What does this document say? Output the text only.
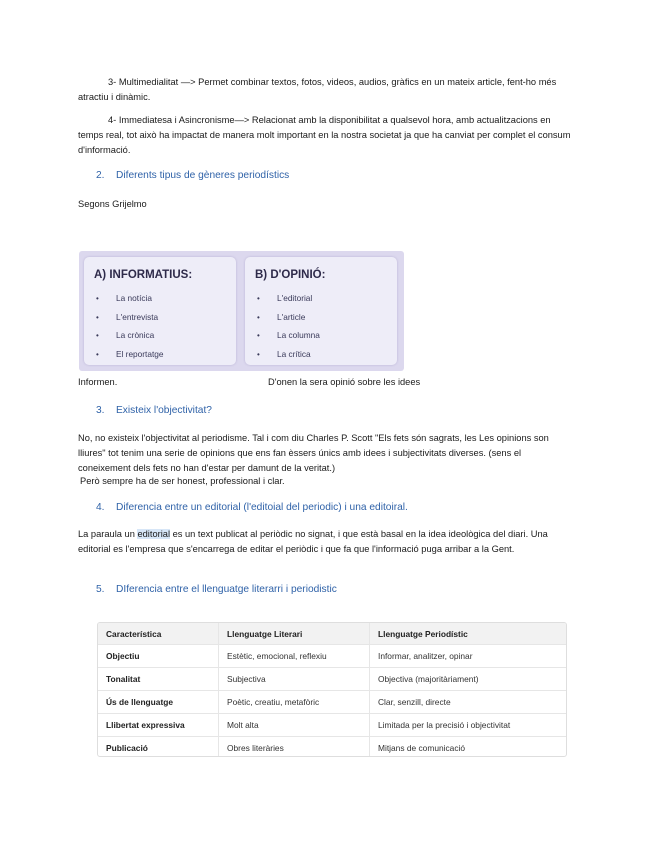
3- Multimedialitat —> Permet combinar textos, fotos, videos, audios, gràfics en un mateix article, fent-ho més atractiu i dinàmic.

4- Immediatesa i Asincronisme—> Relacionat amb la disponibilitat a qualsevol hora, amb actualitzacions en temps real, tot això ha impactat de manera molt important en la nostra societat ja que ha canviat per complet el consum d'informació.

2. Diferents tipus de gèneres periodístics

Segons Grijelmo

A) INFORMATIUS:
• La notícia
• L'entrevista
• La crònica
• El reportatge
B) D'OPINIÓ:
• L'editorial
• L'article
• La columna
• La crítica
Informen.	D'onen la sera opinió sobre les idees

3. Existeix l'objectivitat?

No, no existeix l'objectivitat al periodisme. Tal i com diu Charles P. Scott "Els fets són sagrats, les Les opinions son lliures" tot tenim una serie de opinions que ens fan èssers únics amb idees i subjectivitats diverses. (sens el coneixement dels fets no han d'estar per damunt de la veritat.)

Però sempre ha de ser honest, professional i clar.

4. Diferencia entre un editorial (l'editoial del periodic) i una editoiral.

La paraula un editorial es un text publicat al periòdic no signat, i que està basal en la idea ideològica del diari. Una editorial es l'empresa que s'encarrega de editar el periòdic i que fa que l'informació puga arribar a la Gent.

5. DIferencia entre el llenguatge literarri i periodistic

Característica	Llenguatge Literari	Llenguatge Periodístic
Objectiu	Estètic, emocional, reflexiu	Informar, analitzer, opinar
Tonalitat	Subjectiva	Objectiva (majoritàriament)
Ús de llenguatge	Poètic, creatiu, metafòric	Clar, senzill, directe
Llibertat expressiva	Molt alta	Limitada per la precisió i objectivitat
Publicació	Obres literàries	Mitjans de comunicació
